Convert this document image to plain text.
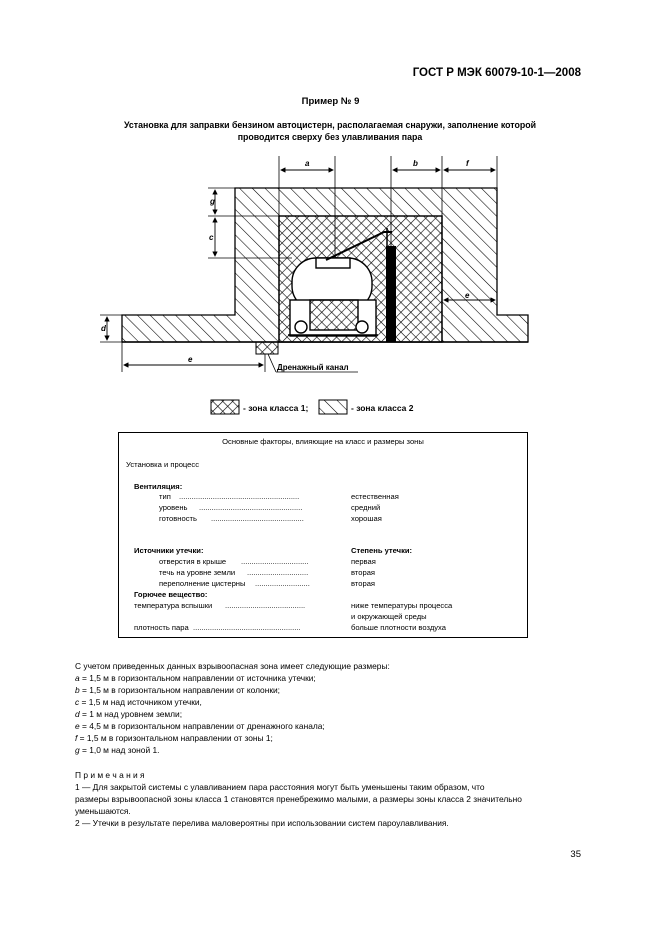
ГОСТ Р МЭК 60079-10-1—2008
Пример № 9
Установка для заправки бензином автоцистерн, располагаемая снаружи, заполнение которой
проводится сверху без улавливания пара
a	b	f
g
c
d
e
e
Дренажный канал
- зона класса 1;	- зона класса 2
Основные факторы, влияющие на класс и размеры зоны
Установка и процесс
Вентиляция:
тип .........................................................	естественная
уровень .................................................	средний
готовность ............................................	хорошая
Источники утечки:	Степень утечки:
отверстия в крыше ................................	первая
течь на уровне земли .............................	вторая
переполнение цистерны ..........................	вторая
Горючее вещество:
температура вспышки ......................................	ниже температуры процесса
и окружающей среды
плотность пара ...................................................	больше плотности воздуха
С учетом приведенных данных взрывоопасная зона имеет следующие размеры:
a = 1,5 м в горизонтальном направлении от источника утечки;
b = 1,5 м в горизонтальном направлении от колонки;
c = 1,5 м над источником утечки,
d = 1 м над уровнем земли;
e = 4,5 м в горизонтальном направлении от дренажного канала;
f = 1,5 м в горизонтальном направлении от зоны 1;
g = 1,0 м над зоной 1.
П р и м е ч а н и я
1 — Для закрытой системы с улавливанием пара расстояния могут быть уменьшены таким образом, что
размеры взрывоопасной зоны класса 1 становятся пренебрежимо малыми, а размеры зоны класса 2 значительно
уменьшаются.
2 — Утечки в результате перелива маловероятны при использовании систем пароулавливания.
35
